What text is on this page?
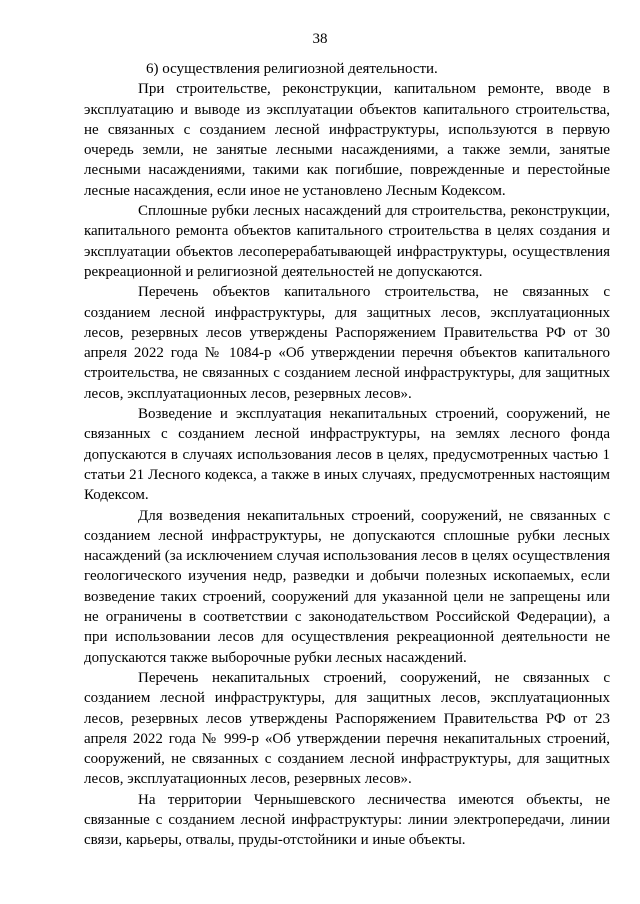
38

6) осуществления религиозной деятельности.

При строительстве, реконструкции, капитальном ремонте, вводе в эксплуатацию и выводе из эксплуатации объектов капитального строительства, не связанных с созданием лесной инфраструктуры, используются в первую очередь земли, не занятые лесными насаждениями, а также земли, занятые лесными насаждениями, такими как погибшие, поврежденные и перестойные лесные насаждения, если иное не установлено Лесным Кодексом.

Сплошные рубки лесных насаждений для строительства, реконструкции, капитального ремонта объектов капитального строительства в целях создания и эксплуатации объектов лесоперерабатывающей инфраструктуры, осуществления рекреационной и религиозной деятельностей не допускаются.

Перечень объектов капитального строительства, не связанных с созданием лесной инфраструктуры, для защитных лесов, эксплуатационных лесов, резервных лесов утверждены Распоряжением Правительства РФ от 30 апреля 2022 года № 1084-р «Об утверждении перечня объектов капитального строительства, не связанных с созданием лесной инфраструктуры, для защитных лесов, эксплуатационных лесов, резервных лесов».

Возведение и эксплуатация некапитальных строений, сооружений, не связанных с созданием лесной инфраструктуры, на землях лесного фонда допускаются в случаях использования лесов в целях, предусмотренных частью 1 статьи 21 Лесного кодекса, а также в иных случаях, предусмотренных настоящим Кодексом.

Для возведения некапитальных строений, сооружений, не связанных с созданием лесной инфраструктуры, не допускаются сплошные рубки лесных насаждений (за исключением случая использования лесов в целях осуществления геологического изучения недр, разведки и добычи полезных ископаемых, если возведение таких строений, сооружений для указанной цели не запрещены или не ограничены в соответствии с законодательством Российской Федерации), а при использовании лесов для осуществления рекреационной деятельности не допускаются также выборочные рубки лесных насаждений.

Перечень некапитальных строений, сооружений, не связанных с созданием лесной инфраструктуры, для защитных лесов, эксплуатационных лесов, резервных лесов утверждены Распоряжением Правительства РФ от 23 апреля 2022 года № 999-р «Об утверждении перечня некапитальных строений, сооружений, не связанных с созданием лесной инфраструктуры, для защитных лесов, эксплуатационных лесов, резервных лесов».

На территории Чернышевского лесничества имеются объекты, не связанные с созданием лесной инфраструктуры: линии электропередачи, линии связи, карьеры, отвалы, пруды-отстойники и иные объекты.
